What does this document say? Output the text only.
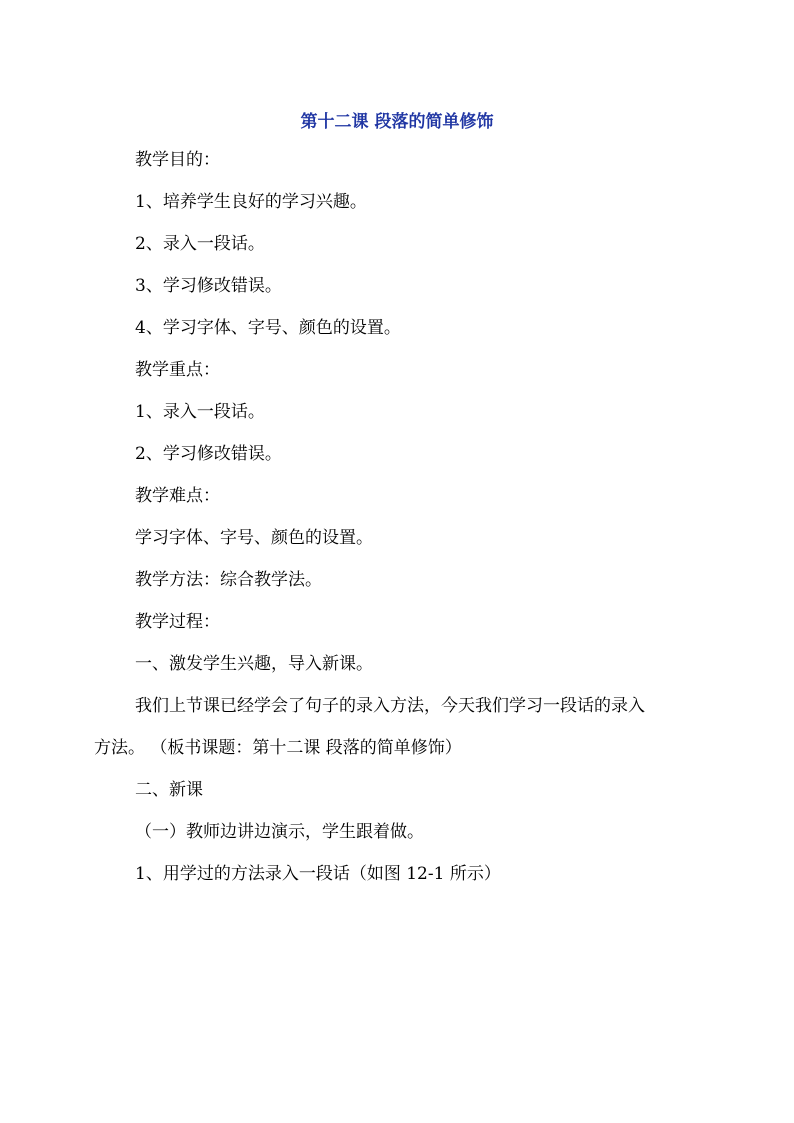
第十二课 段落的简单修饰
教学目的：
1、培养学生良好的学习兴趣。
2、录入一段话。
3、学习修改错误。
4、学习字体、字号、颜色的设置。
教学重点：
1、录入一段话。
2、学习修改错误。
教学难点：
学习字体、字号、颜色的设置。
教学方法：综合教学法。
教学过程：
一、激发学生兴趣，导入新课。
我们上节课已经学会了句子的录入方法，今天我们学习一段话的录入
方法。 （板书课题：第十二课 段落的简单修饰）
二、新课
（一）教师边讲边演示，学生跟着做。
1、用学过的方法录入一段话（如图 12-1 所示）
